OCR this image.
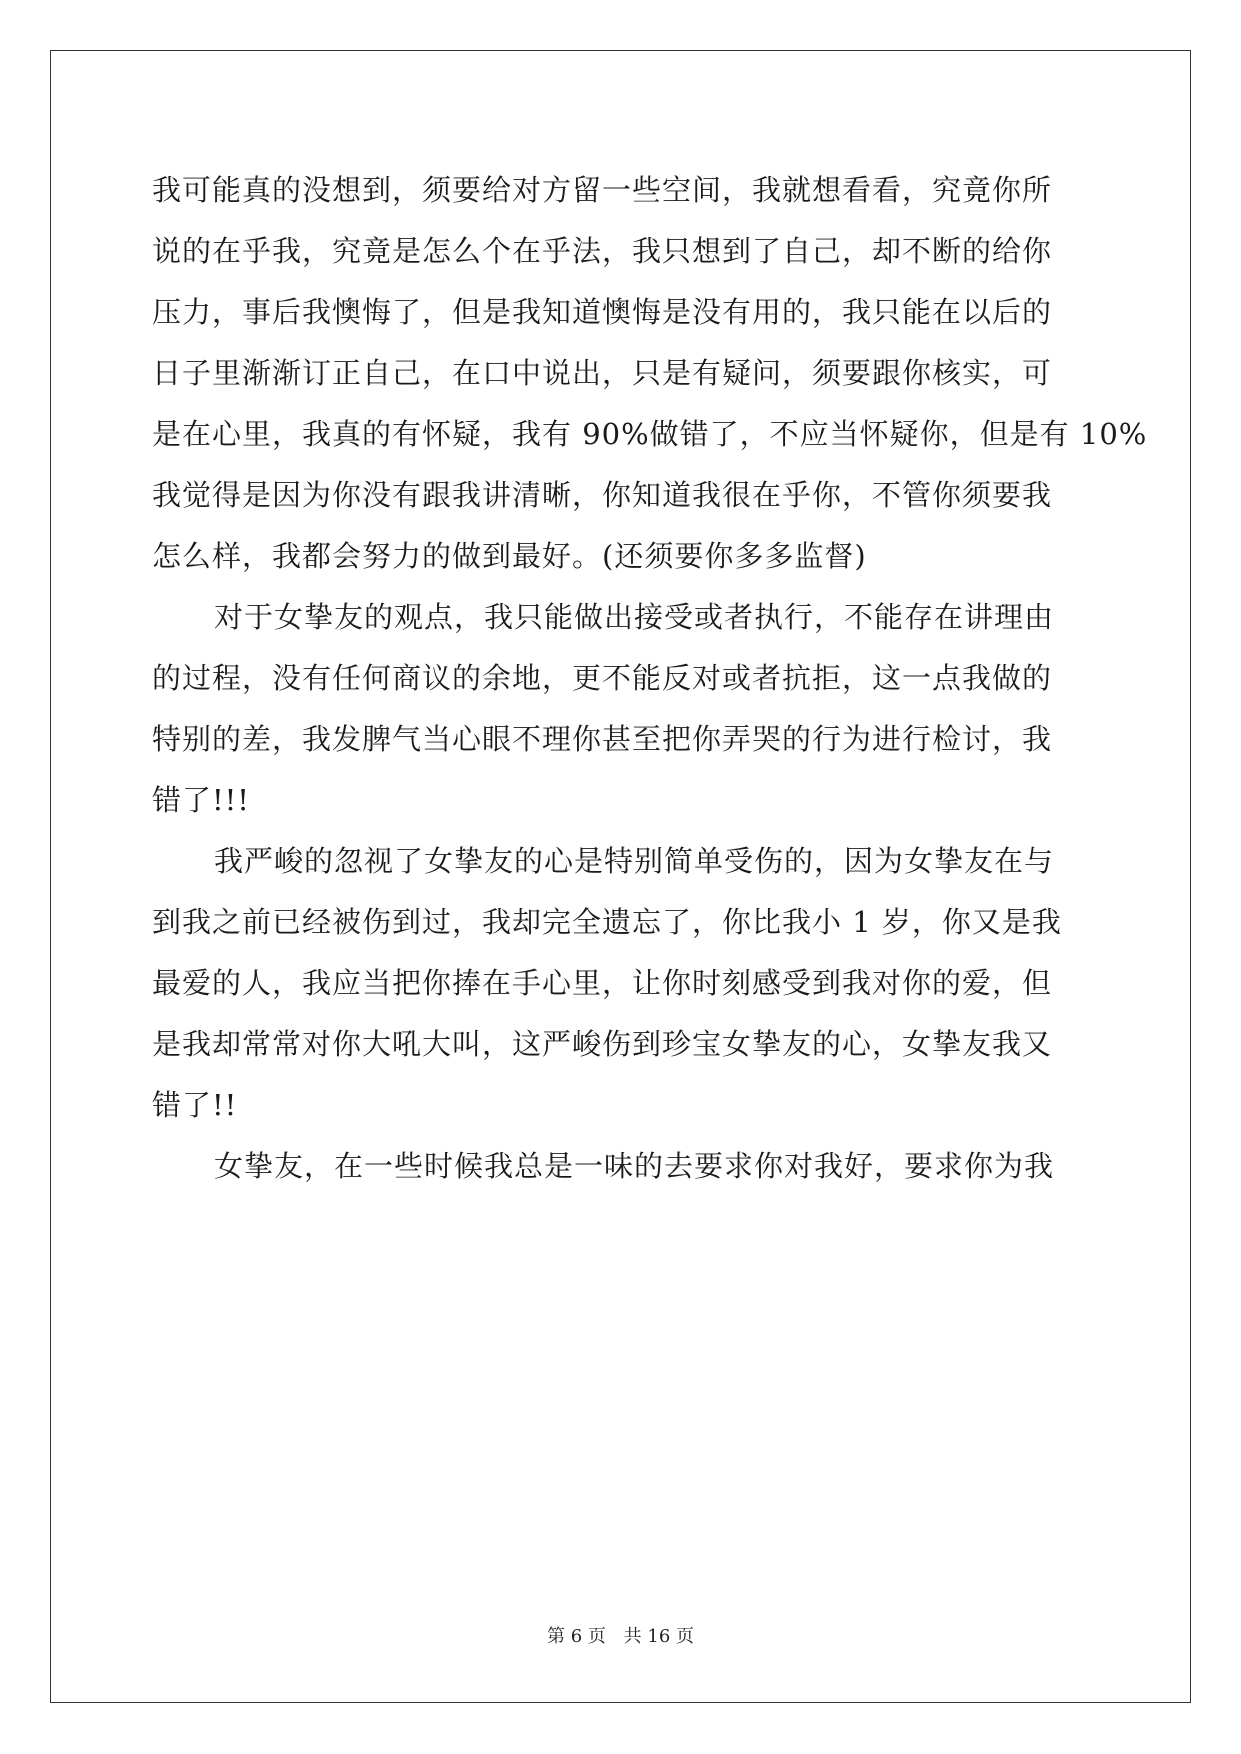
我可能真的没想到，须要给对方留一些空间，我就想看看，究竟你所
说的在乎我，究竟是怎么个在乎法，我只想到了自己，却不断的给你
压力，事后我懊悔了，但是我知道懊悔是没有用的，我只能在以后的
日子里渐渐订正自己，在口中说出，只是有疑问，须要跟你核实，可
是在心里，我真的有怀疑，我有 90%做错了，不应当怀疑你，但是有 10%
我觉得是因为你没有跟我讲清晰，你知道我很在乎你，不管你须要我
怎么样，我都会努力的做到最好。(还须要你多多监督)

对于女挚友的观点，我只能做出接受或者执行，不能存在讲理由
的过程，没有任何商议的余地，更不能反对或者抗拒，这一点我做的
特别的差，我发脾气当心眼不理你甚至把你弄哭的行为进行检讨，我
错了!!!

我严峻的忽视了女挚友的心是特别简单受伤的，因为女挚友在与
到我之前已经被伤到过，我却完全遗忘了，你比我小 1 岁，你又是我
最爱的人，我应当把你捧在手心里，让你时刻感受到我对你的爱，但
是我却常常对你大吼大叫，这严峻伤到珍宝女挚友的心，女挚友我又
错了!!

女挚友，在一些时候我总是一味的去要求你对我好，要求你为我

第 6 页 共 16 页
